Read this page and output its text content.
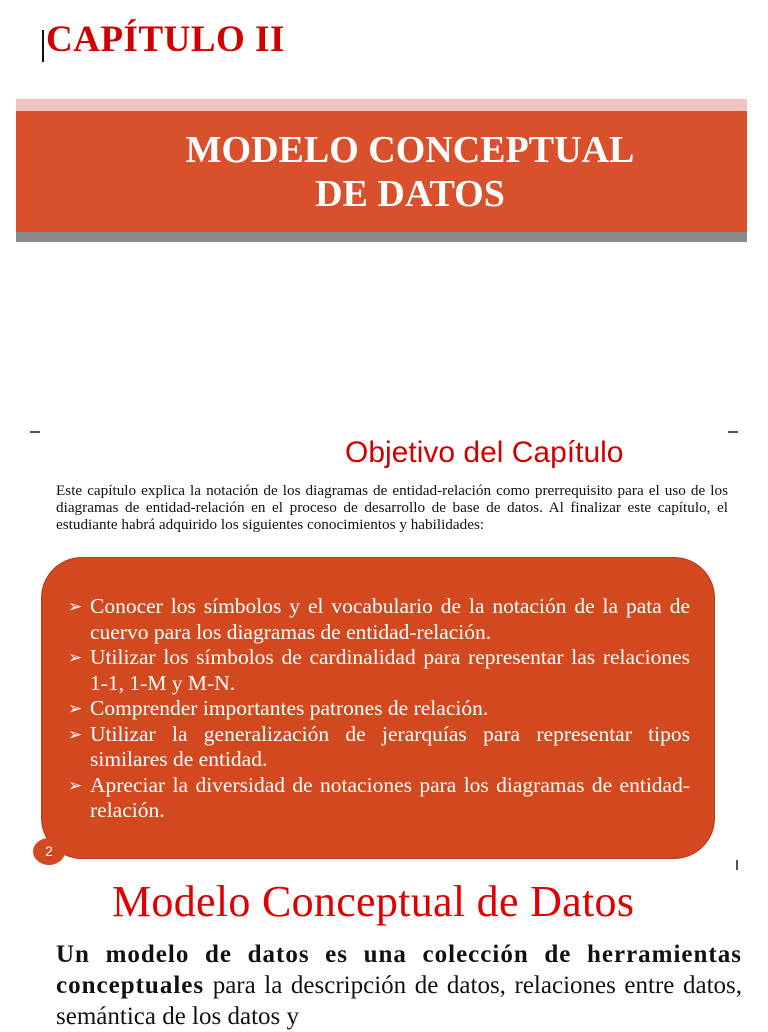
CAPÍTULO II
MODELO CONCEPTUAL
DE DATOS
Objetivo del Capítulo

Este capítulo explica la notación de los diagramas de entidad-relación como prerrequisito para el uso de los diagramas de entidad-relación en el proceso de desarrollo de base de datos. Al finalizar este capítulo, el estudiante habrá adquirido los siguientes conocimientos y habilidades:

➢ Conocer los símbolos y el vocabulario de la notación de la pata de cuervo para los diagramas de entidad-relación.
➢ Utilizar los símbolos de cardinalidad para representar las relaciones 1-1, 1-M y M-N.
➢ Comprender importantes patrones de relación.
➢ Utilizar la generalización de jerarquías para representar tipos similares de entidad.
➢ Apreciar la diversidad de notaciones para los diagramas de entidad-relación.
2
Modelo Conceptual de Datos

Un modelo de datos es una colección de herramientas conceptuales para la descripción de datos, relaciones entre datos, semántica de los datos y
